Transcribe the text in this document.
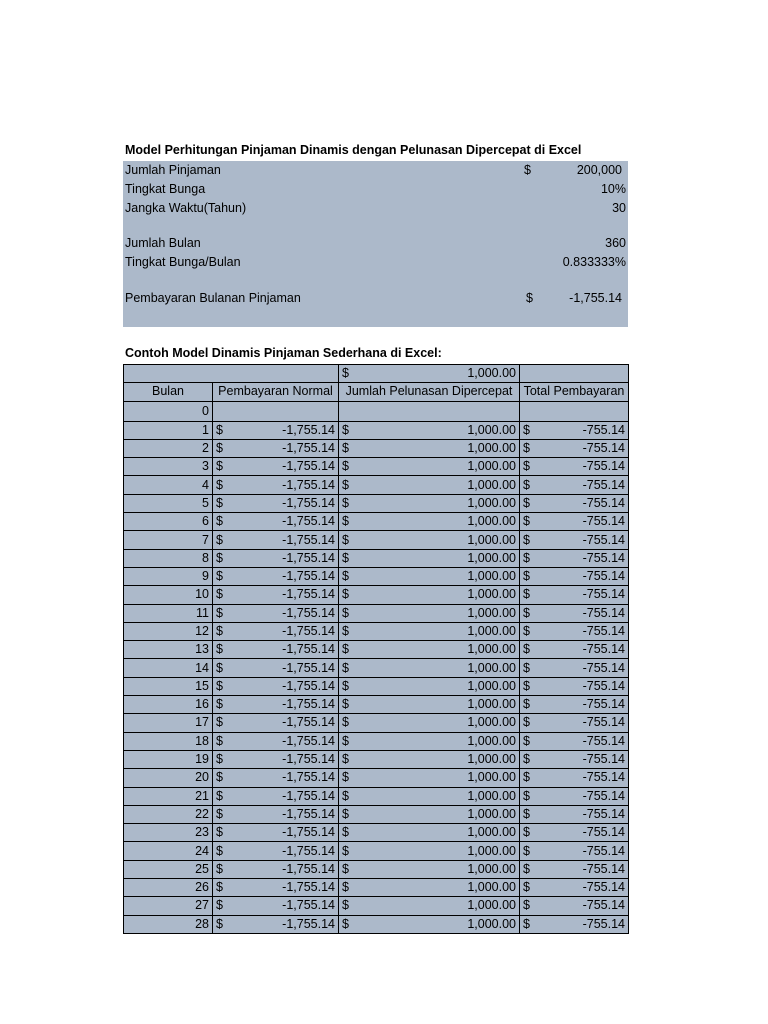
Model Perhitungan Pinjaman Dinamis dengan Pelunasan Dipercepat di Excel
Jumlah Pinjaman	$	200,000
Tingkat Bunga	10%
Jangka Waktu(Tahun)	30
Jumlah Bulan	360
Tingkat Bunga/Bulan	0.833333%
Pembayaran Bulanan Pinjaman	$	-1,755.14
Contoh Model Dinamis Pinjaman Sederhana di Excel:

		$ 1,000.00	

Bulan	Pembayaran Normal	Jumlah Pelunasan Dipercepat	Total Pembayaran
0			
1	$ -1,755.14	$ 1,000.00	$ -755.14

2	$ -1,755.14	$ 1,000.00	$ -755.14

3	$ -1,755.14	$ 1,000.00	$ -755.14

4	$ -1,755.14	$ 1,000.00	$ -755.14

5	$ -1,755.14	$ 1,000.00	$ -755.14

6	$ -1,755.14	$ 1,000.00	$ -755.14

7	$ -1,755.14	$ 1,000.00	$ -755.14

8	$ -1,755.14	$ 1,000.00	$ -755.14

9	$ -1,755.14	$ 1,000.00	$ -755.14

10	$ -1,755.14	$ 1,000.00	$ -755.14

11	$ -1,755.14	$ 1,000.00	$ -755.14

12	$ -1,755.14	$ 1,000.00	$ -755.14

13	$ -1,755.14	$ 1,000.00	$ -755.14

14	$ -1,755.14	$ 1,000.00	$ -755.14

15	$ -1,755.14	$ 1,000.00	$ -755.14

16	$ -1,755.14	$ 1,000.00	$ -755.14

17	$ -1,755.14	$ 1,000.00	$ -755.14

18	$ -1,755.14	$ 1,000.00	$ -755.14

19	$ -1,755.14	$ 1,000.00	$ -755.14

20	$ -1,755.14	$ 1,000.00	$ -755.14

21	$ -1,755.14	$ 1,000.00	$ -755.14

22	$ -1,755.14	$ 1,000.00	$ -755.14

23	$ -1,755.14	$ 1,000.00	$ -755.14

24	$ -1,755.14	$ 1,000.00	$ -755.14

25	$ -1,755.14	$ 1,000.00	$ -755.14

26	$ -1,755.14	$ 1,000.00	$ -755.14

27	$ -1,755.14	$ 1,000.00	$ -755.14

28	$ -1,755.14	$ 1,000.00	$ -755.14
